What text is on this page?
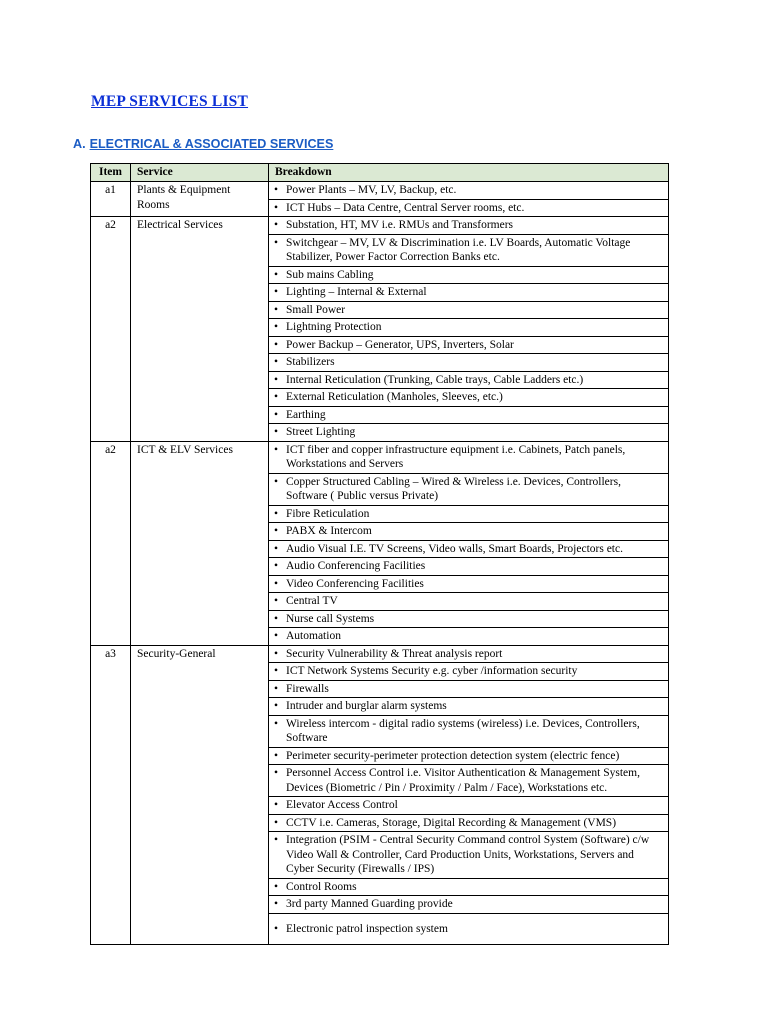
MEP SERVICES LIST
A. ELECTRICAL & ASSOCIATED SERVICES
Item	Service	Breakdown
a1	Plants & Equipment Rooms	• Power Plants – MV, LV, Backup, etc.

		• ICT Hubs – Data Centre, Central Server rooms, etc.

a2	Electrical Services	• Substation, HT, MV i.e. RMUs and Transformers

		• Switchgear – MV, LV & Discrimination i.e. LV Boards, Automatic Voltage Stabilizer, Power Factor Correction Banks etc.

		• Sub mains Cabling

		• Lighting – Internal & External

		• Small Power

		• Lightning Protection

		• Power Backup – Generator, UPS, Inverters, Solar

		• Stabilizers

		• Internal Reticulation (Trunking, Cable trays, Cable Ladders etc.)

		• External Reticulation (Manholes, Sleeves, etc.)

		• Earthing

		• Street Lighting

a2	ICT & ELV Services	• ICT fiber and copper infrastructure equipment i.e. Cabinets, Patch panels, Workstations and Servers

		• Copper Structured Cabling – Wired & Wireless i.e. Devices, Controllers, Software ( Public versus Private)

		• Fibre Reticulation

		• PABX & Intercom

		• Audio Visual I.E. TV Screens, Video walls, Smart Boards, Projectors etc.

		• Audio Conferencing Facilities

		• Video Conferencing Facilities

		• Central TV

		• Nurse call Systems

		• Automation

a3	Security-General	• Security Vulnerability & Threat analysis report

		• ICT Network Systems Security e.g. cyber /information security

		• Firewalls

		• Intruder and burglar alarm systems

		• Wireless intercom - digital radio systems (wireless) i.e. Devices, Controllers, Software

		• Perimeter security-perimeter protection detection system (electric fence)

		• Personnel Access Control i.e. Visitor Authentication & Management System, Devices (Biometric / Pin / Proximity / Palm / Face), Workstations etc.

		• Elevator Access Control

		• CCTV i.e. Cameras, Storage, Digital Recording & Management (VMS)

		• Integration (PSIM - Central Security Command control System (Software) c/w Video Wall & Controller, Card Production Units, Workstations, Servers and Cyber Security (Firewalls / IPS)

		• Control Rooms

		• 3rd party Manned Guarding provide

		• Electronic patrol inspection system
